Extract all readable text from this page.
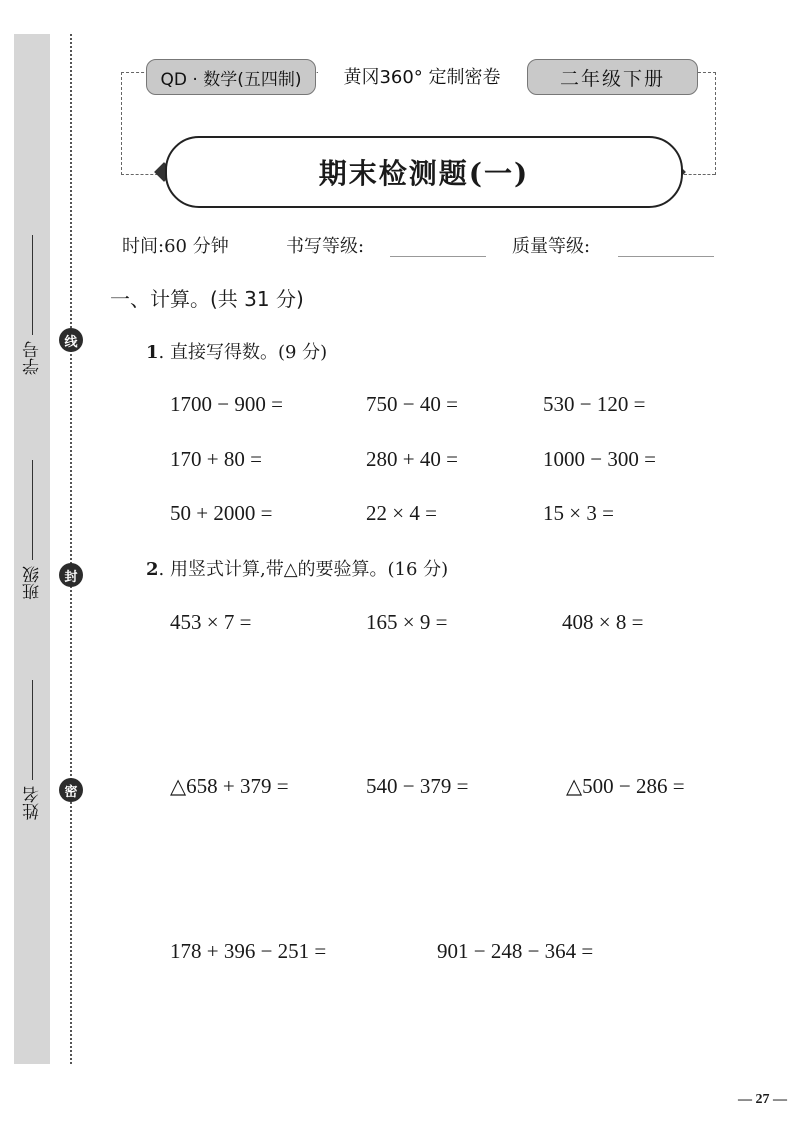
学号
班级
姓名
线
封
密
QD · 数学(五四制)	黄冈360° 定制密卷	二年级下册
期末检测题(一)
时间:60 分钟	书写等级:	质量等级:
一、计算。(共 31 分)
1. 直接写得数。(9 分)
1700 − 900 =	750 − 40 =	530 − 120 =
170 + 80 =	280 + 40 =	1000 − 300 =
50 + 2000 =	22 × 4 =	15 × 3 =
2. 用竖式计算,带△的要验算。(16 分)
453 × 7 =	165 × 9 =	408 × 8 =
△658 + 379 =	540 − 379 =	△500 − 286 =
178 + 396 − 251 =	901 − 248 − 364 =
— 27 —
